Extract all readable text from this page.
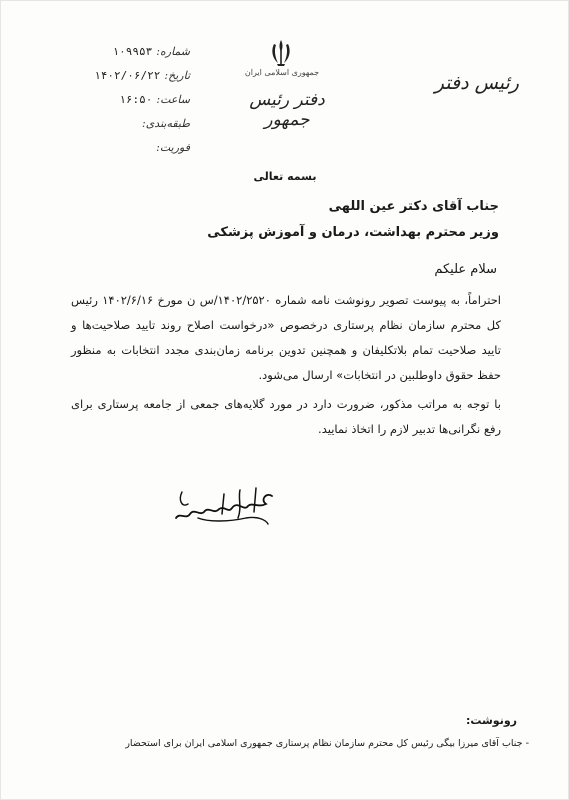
شماره:
۱۰۹۹۵۳
تاریخ:
۱۴۰۲/۰۶/۲۲
ساعت:
۱۶:۵۰
طبقه‌بندی:
فوریت:
جمهوری اسلامی ایران
دفتر رئیس جمهور
رئیس دفتر
بسمه تعالی
جناب آقای دکتر عین اللهی
وزیر محترم بهداشت، درمان و آموزش پزشکی
سلام علیکم
احتراماً، به پیوست تصویر رونوشت نامه شماره ۱۴۰۲/۲۵۲۰/س ن مورخ ۱۴۰۲/۶/۱۶ رئیس کل محترم سازمان نظام پرستاری درخصوص «درخواست اصلاح روند تایید صلاحیت‌ها و تایید صلاحیت تمام بلاتکلیفان و همچنین تدوین برنامه زمان‌بندی مجدد انتخابات به منظور حفظ حقوق داوطلبین در انتخابات» ارسال می‌شود.
با توجه به مراتب مذکور، ضرورت دارد در مورد گلایه‌های جمعی از جامعه پرستاری برای رفع نگرانی‌ها تدبیر لازم را اتخاذ نمایید.
رونوشت:
- جناب آقای میرزا بیگی رئیس کل محترم سازمان نظام پرستاری جمهوری اسلامی ایران برای استحضار
